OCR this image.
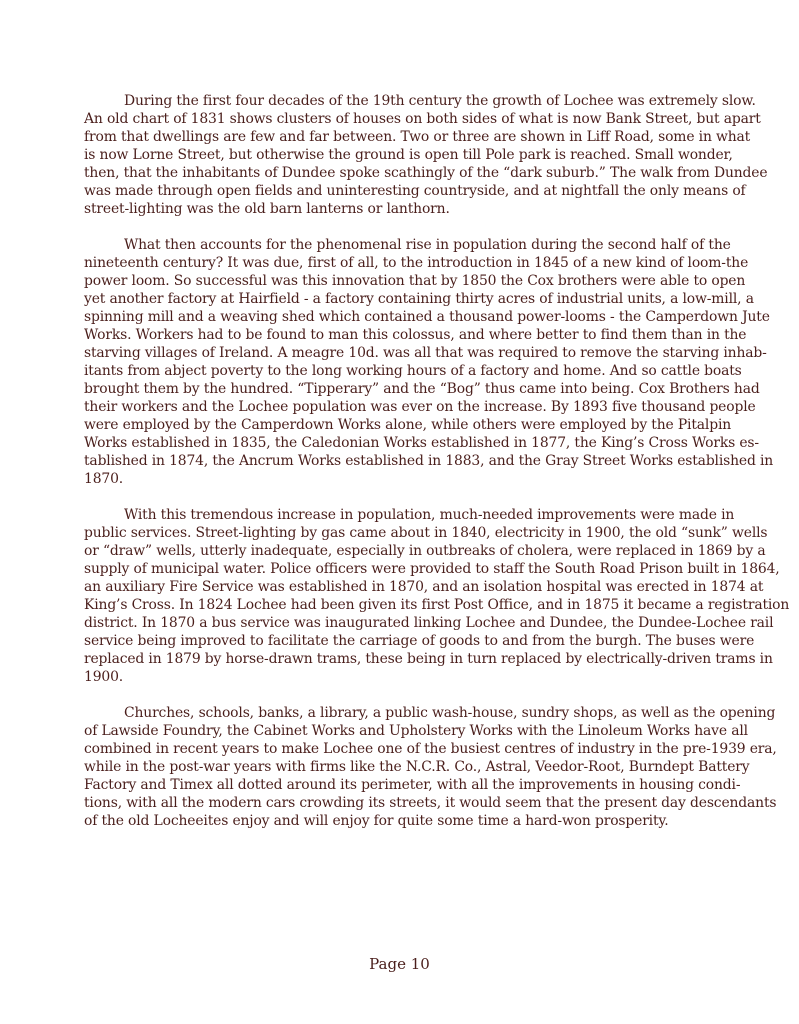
During the first four decades of the 19th century the growth of Lochee was extremely slow.
An old chart of 1831 shows clusters of houses on both sides of what is now Bank Street, but apart
from that dwellings are few and far between. Two or three are shown in Liff Road, some in what
is now Lorne Street, but otherwise the ground is open till Pole park is reached. Small wonder,
then, that the inhabitants of Dundee spoke scathingly of the “dark suburb.” The walk from Dundee
was made through open fields and uninteresting countryside, and at nightfall the only means of
street-lighting was the old barn lanterns or lanthorn.
What then accounts for the phenomenal rise in population during the second half of the
nineteenth century? It was due, first of all, to the introduction in 1845 of a new kind of loom-the
power loom. So successful was this innovation that by 1850 the Cox brothers were able to open
yet another factory at Hairfield - a factory containing thirty acres of industrial units, a low-mill, a
spinning mill and a weaving shed which contained a thousand power-looms - the Camperdown Jute
Works. Workers had to be found to man this colossus, and where better to find them than in the
starving villages of Ireland. A meagre 10d. was all that was required to remove the starving inhab-
itants from abject poverty to the long working hours of a factory and home. And so cattle boats
brought them by the hundred. “Tipperary” and the “Bog” thus came into being. Cox Brothers had
their workers and the Lochee population was ever on the increase. By 1893 five thousand people
were employed by the Camperdown Works alone, while others were employed by the Pitalpin
Works established in 1835, the Caledonian Works established in 1877, the King’s Cross Works es-
tablished in 1874, the Ancrum Works established in 1883, and the Gray Street Works established in
1870.
With this tremendous increase in population, much-needed improvements were made in
public services. Street-lighting by gas came about in 1840, electricity in 1900, the old “sunk” wells
or “draw” wells, utterly inadequate, especially in outbreaks of cholera, were replaced in 1869 by a
supply of municipal water. Police officers were provided to staff the South Road Prison built in 1864,
an auxiliary Fire Service was established in 1870, and an isolation hospital was erected in 1874 at
King’s Cross. In 1824 Lochee had been given its first Post Office, and in 1875 it became a registration
district. In 1870 a bus service was inaugurated linking Lochee and Dundee, the Dundee-Lochee rail
service being improved to facilitate the carriage of goods to and from the burgh. The buses were
replaced in 1879 by horse-drawn trams, these being in turn replaced by electrically-driven trams in
1900.
Churches, schools, banks, a library, a public wash-house, sundry shops, as well as the opening
of Lawside Foundry, the Cabinet Works and Upholstery Works with the Linoleum Works have all
combined in recent years to make Lochee one of the busiest centres of industry in the pre-1939 era,
while in the post-war years with firms like the N.C.R. Co., Astral, Veedor-Root, Burndept Battery
Factory and Timex all dotted around its perimeter, with all the improvements in housing condi-
tions, with all the modern cars crowding its streets, it would seem that the present day descendants
of the old Locheeites enjoy and will enjoy for quite some time a hard-won prosperity.
Page 10
